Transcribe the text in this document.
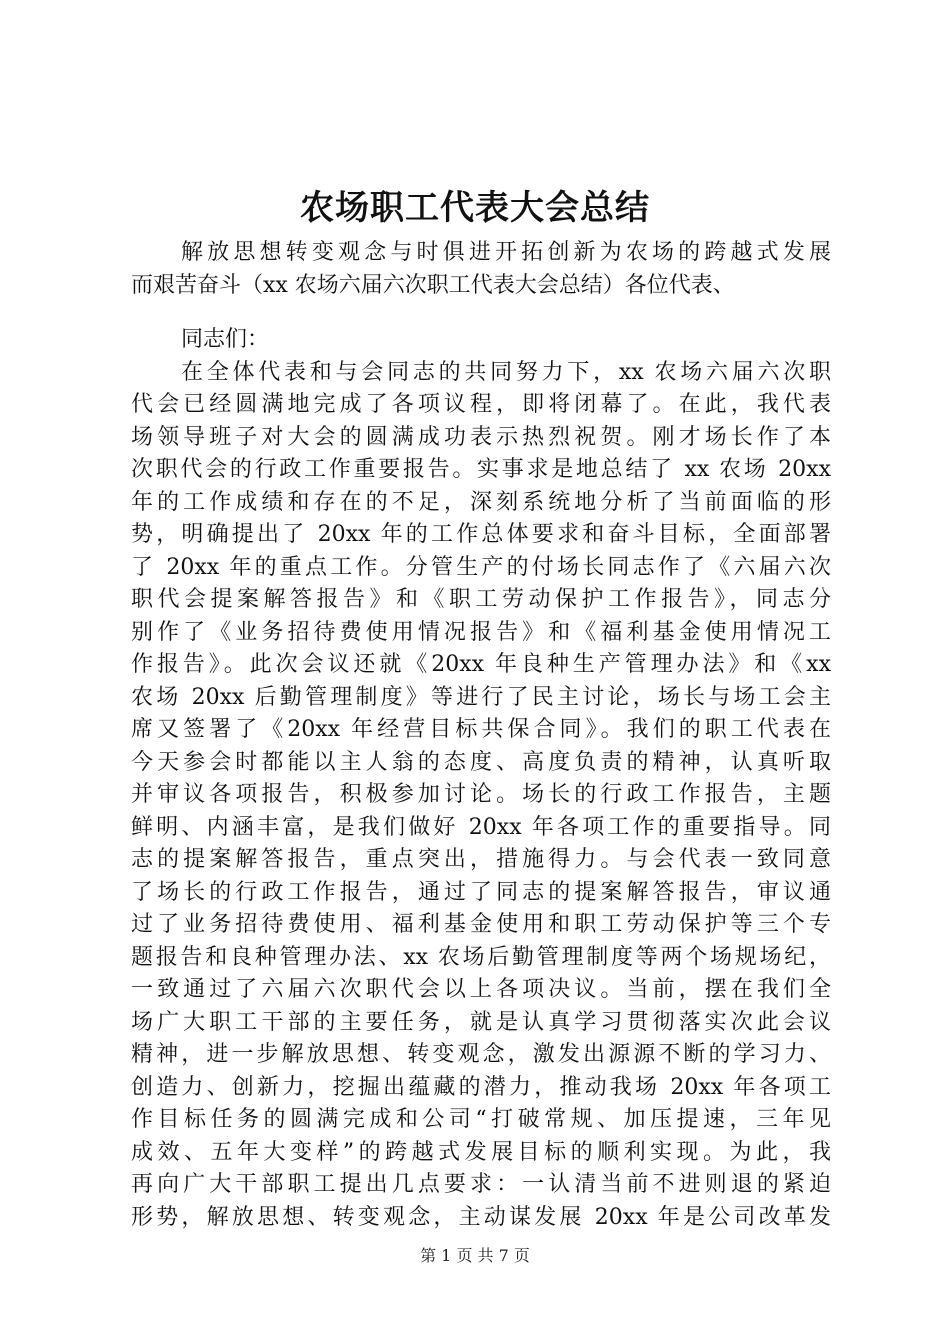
农场职工代表大会总结
解放思想转变观念与时俱进开拓创新为农场的跨越式发展
而艰苦奋斗（xx 农场六届六次职工代表大会总结）各位代表、
同志们：
在全体代表和与会同志的共同努力下，xx 农场六届六次职
代会已经圆满地完成了各项议程，即将闭幕了。在此，我代表
场领导班子对大会的圆满成功表示热烈祝贺。刚才场长作了本
次职代会的行政工作重要报告。实事求是地总结了 xx 农场 20xx
年的工作成绩和存在的不足，深刻系统地分析了当前面临的形
势，明确提出了 20xx 年的工作总体要求和奋斗目标，全面部署
了 20xx 年的重点工作。分管生产的付场长同志作了《六届六次
职代会提案解答报告》和《职工劳动保护工作报告》，同志分
别作了《业务招待费使用情况报告》和《福利基金使用情况工
作报告》。此次会议还就《20xx 年良种生产管理办法》和《xx
农场 20xx 后勤管理制度》等进行了民主讨论，场长与场工会主
席又签署了《20xx 年经营目标共保合同》。我们的职工代表在
今天参会时都能以主人翁的态度、高度负责的精神，认真听取
并审议各项报告，积极参加讨论。场长的行政工作报告，主题
鲜明、内涵丰富，是我们做好 20xx 年各项工作的重要指导。同
志的提案解答报告，重点突出，措施得力。与会代表一致同意
了场长的行政工作报告，通过了同志的提案解答报告，审议通
过了业务招待费使用、福利基金使用和职工劳动保护等三个专
题报告和良种管理办法、xx 农场后勤管理制度等两个场规场纪，
一致通过了六届六次职代会以上各项决议。当前，摆在我们全
场广大职工干部的主要任务，就是认真学习贯彻落实次此会议
精神，进一步解放思想、转变观念，激发出源源不断的学习力、
创造力、创新力，挖掘出蕴藏的潜力，推动我场 20xx 年各项工
作目标任务的圆满完成和公司“打破常规、加压提速，三年见
成效、五年大变样”的跨越式发展目标的顺利实现。为此，我
再向广大干部职工提出几点要求：一认清当前不进则退的紧迫
形势，解放思想、转变观念，主动谋发展 20xx 年是公司改革发
第 1 页 共 7 页
